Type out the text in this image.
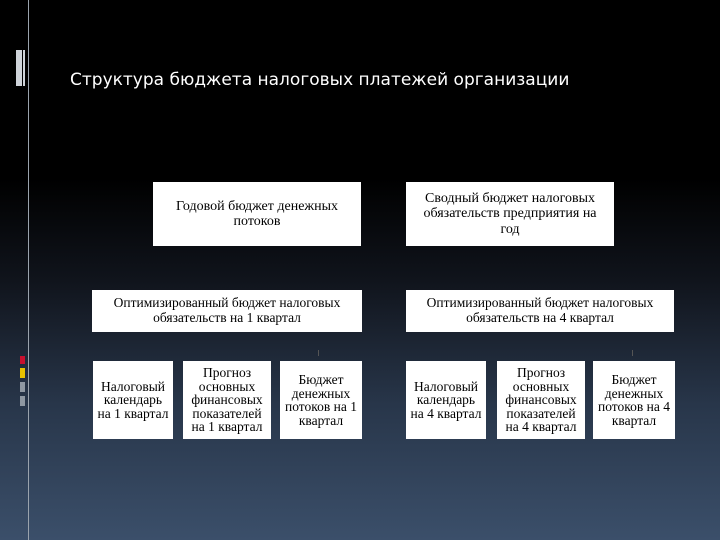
Структура бюджета налоговых платежей организации
Годовой бюджет денежных потоков
Сводный бюджет налоговых обязательств предприятия на год
Оптимизированный бюджет налоговых обязательств на 1 квартал
Оптимизированный бюджет налоговых обязательств на 4 квартал
Налоговый календарь на 1 квартал
Прогноз основных финансовых показателей на 1 квартал
Бюджет денежных потоков на 1 квартал
Налоговый календарь на 4 квартал
Прогноз основных финансовых показателей на 4 квартал
Бюджет денежных потоков на 4 квартал
